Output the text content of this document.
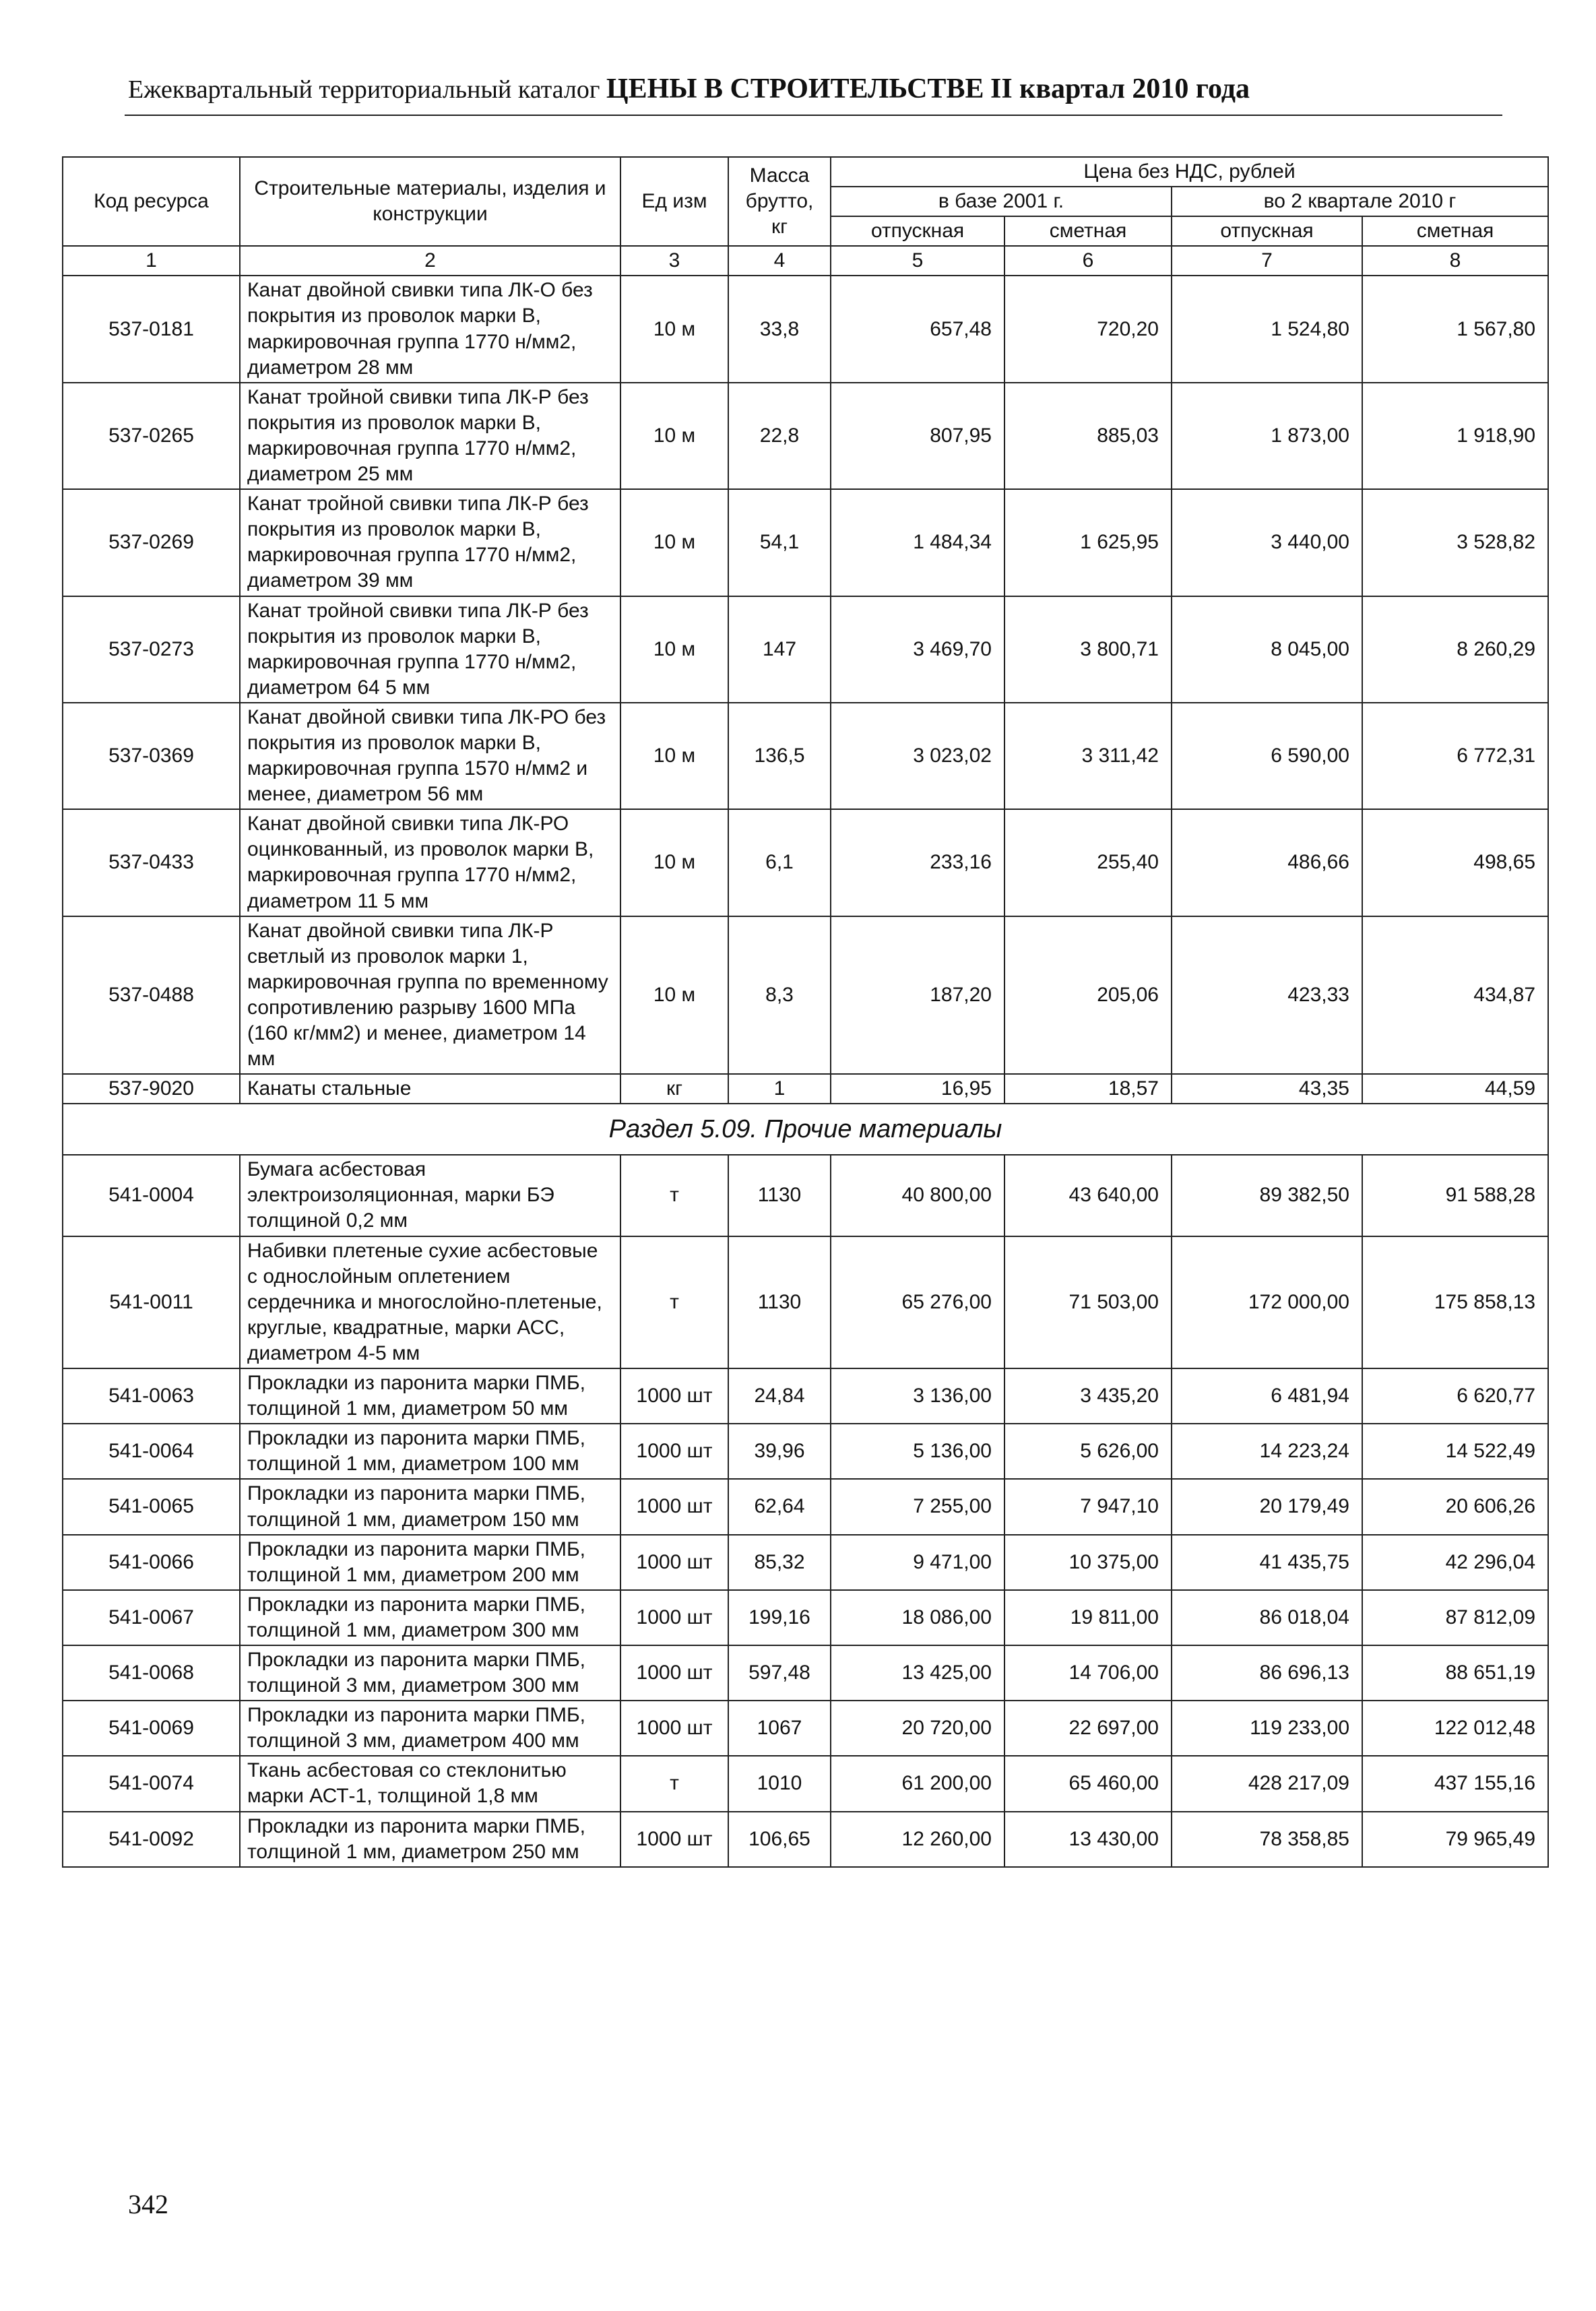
Ежеквартальный территориальный каталог ЦЕНЫ В СТРОИТЕЛЬСТВЕ II квартал 2010 года
Код ресурса	Строительные материалы, изделия и конструкции	Ед изм	Масса брутто, кг	Цена без НДС, рублей			
				в базе 2001 г.		во 2 квартале 2010 г	
				отпускная	сметная	отпускная	сметная
1	2	3	4	5	6	7	8
537-0181	Канат двойной свивки типа ЛК-О без покрытия из проволок марки В, маркировочная группа 1770 н/мм2, диаметром 28 мм	10 м	33,8	657,48	720,20	1 524,80	1 567,80
537-0265	Канат тройной свивки типа ЛК-Р без покрытия из проволок марки В, маркировочная группа 1770 н/мм2, диаметром 25 мм	10 м	22,8	807,95	885,03	1 873,00	1 918,90
537-0269	Канат тройной свивки типа ЛК-Р без покрытия из проволок марки В, маркировочная группа 1770 н/мм2, диаметром 39 мм	10 м	54,1	1 484,34	1 625,95	3 440,00	3 528,82
537-0273	Канат тройной свивки типа ЛК-Р без покрытия из проволок марки В, маркировочная группа 1770 н/мм2, диаметром 64 5 мм	10 м	147	3 469,70	3 800,71	8 045,00	8 260,29
537-0369	Канат двойной свивки типа ЛК-РО без покрытия из проволок марки В, маркировочная группа 1570 н/мм2 и менее, диаметром 56 мм	10 м	136,5	3 023,02	3 311,42	6 590,00	6 772,31
537-0433	Канат двойной свивки типа ЛК-РО оцинкованный, из проволок марки В, маркировочная группа 1770 н/мм2, диаметром 11 5 мм	10 м	6,1	233,16	255,40	486,66	498,65
537-0488	Канат двойной свивки типа ЛК-Р светлый из проволок марки 1, маркировочная группа по временному сопротивлению разрыву 1600 МПа (160 кг/мм2) и менее, диаметром 14 мм	10 м	8,3	187,20	205,06	423,33	434,87
537-9020	Канаты стальные	кг	1	16,95	18,57	43,35	44,59
Раздел 5.09. Прочие материалы							
541-0004	Бумага асбестовая электроизоляционная, марки БЭ толщиной 0,2 мм	т	1130	40 800,00	43 640,00	89 382,50	91 588,28
541-0011	Набивки плетеные сухие асбестовые с однослойным оплетением сердечника и многослойно-плетеные, круглые, квадратные, марки АСС, диаметром 4-5 мм	т	1130	65 276,00	71 503,00	172 000,00	175 858,13
541-0063	Прокладки из паронита марки ПМБ, толщиной 1 мм, диаметром 50 мм	1000 шт	24,84	3 136,00	3 435,20	6 481,94	6 620,77
541-0064	Прокладки из паронита марки ПМБ, толщиной 1 мм, диаметром 100 мм	1000 шт	39,96	5 136,00	5 626,00	14 223,24	14 522,49
541-0065	Прокладки из паронита марки ПМБ, толщиной 1 мм, диаметром 150 мм	1000 шт	62,64	7 255,00	7 947,10	20 179,49	20 606,26
541-0066	Прокладки из паронита марки ПМБ, толщиной 1 мм, диаметром 200 мм	1000 шт	85,32	9 471,00	10 375,00	41 435,75	42 296,04
541-0067	Прокладки из паронита марки ПМБ, толщиной 1 мм, диаметром 300 мм	1000 шт	199,16	18 086,00	19 811,00	86 018,04	87 812,09
541-0068	Прокладки из паронита марки ПМБ, толщиной 3 мм, диаметром 300 мм	1000 шт	597,48	13 425,00	14 706,00	86 696,13	88 651,19
541-0069	Прокладки из паронита марки ПМБ, толщиной 3 мм, диаметром 400 мм	1000 шт	1067	20 720,00	22 697,00	119 233,00	122 012,48
541-0074	Ткань асбестовая со стеклонитью марки АСТ-1, толщиной 1,8 мм	т	1010	61 200,00	65 460,00	428 217,09	437 155,16
541-0092	Прокладки из паронита марки ПМБ, толщиной 1 мм, диаметром 250 мм	1000 шт	106,65	12 260,00	13 430,00	78 358,85	79 965,49
342
